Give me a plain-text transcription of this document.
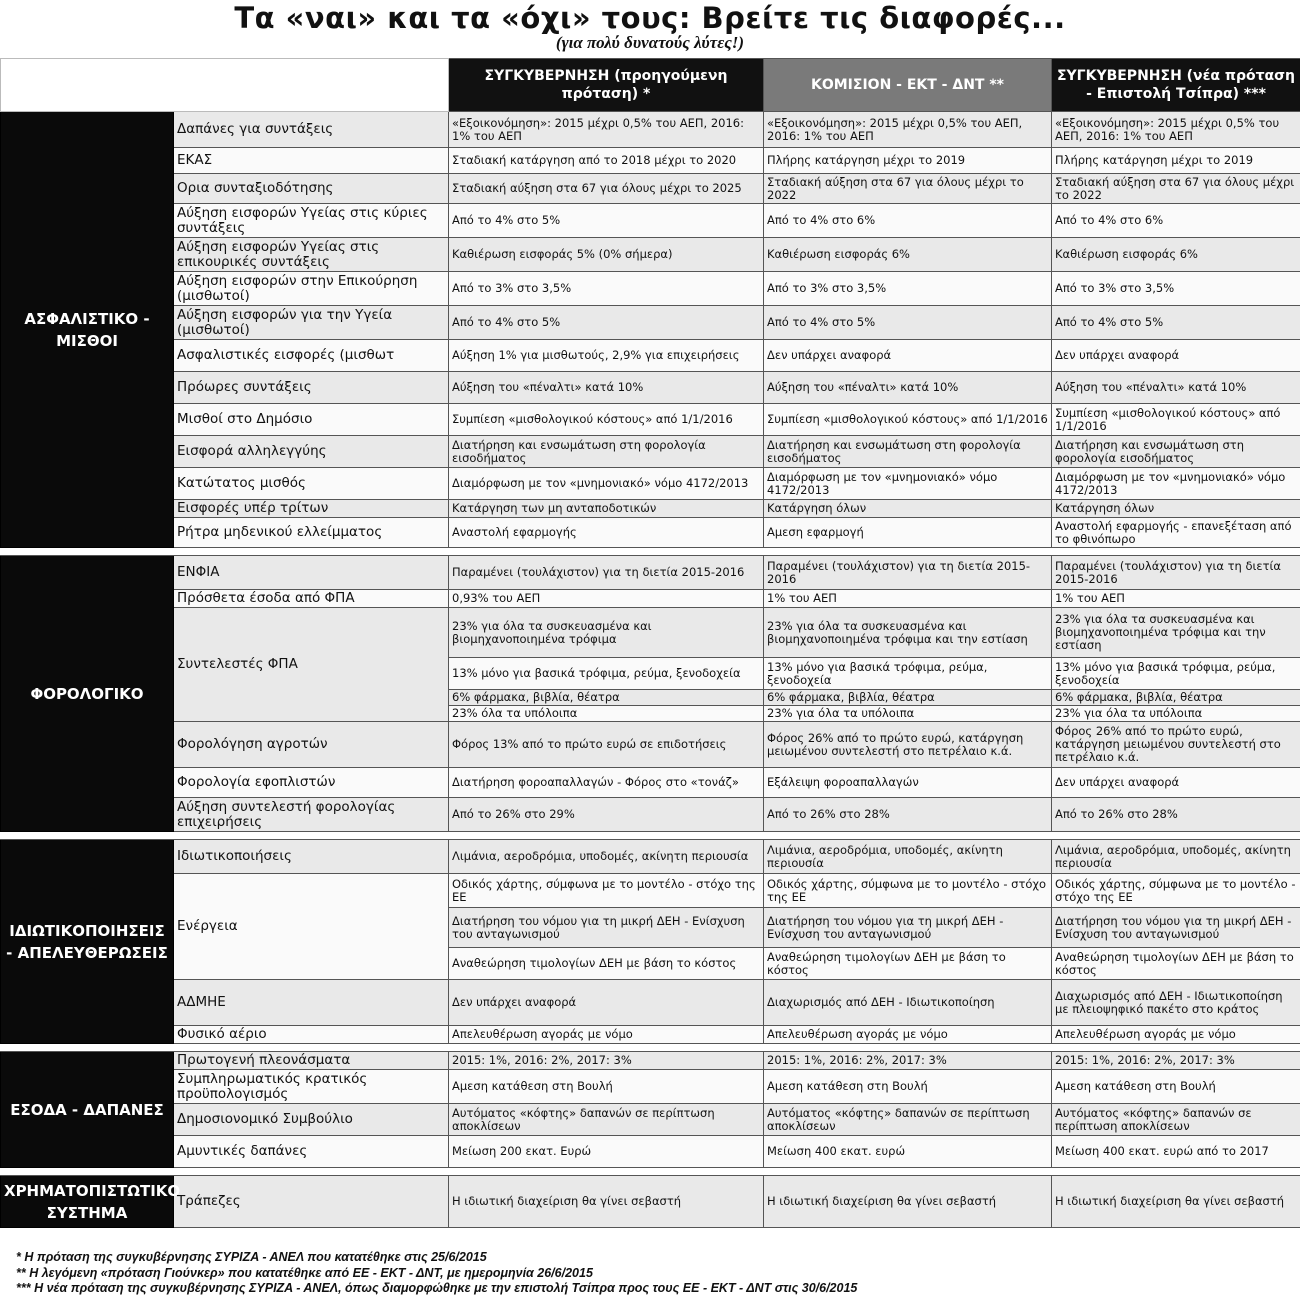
Τα «ναι» και τα «όχι» τους: Βρείτε τις διαφορές...
(για πολύ δυνατούς λύτες!)
		ΣΥΓΚΥΒΕΡΝΗΣΗ (προηγούμενη πρόταση) *	ΚΟΜΙΣΙΟΝ - ΕΚΤ - ΔΝΤ **	ΣΥΓΚΥΒΕΡΝΗΣΗ (νέα πρόταση - Επιστολή Τσίπρα) ***
ΑΣΦΑΛΙΣΤΙΚΟ - ΜΙΣΘΟΙ	Δαπάνες για συντάξεις	«Εξοικονόμηση»: 2015 μέχρι 0,5% του ΑΕΠ, 2016: 1% του ΑΕΠ	«Εξοικονόμηση»: 2015 μέχρι 0,5% του ΑΕΠ, 2016: 1% του ΑΕΠ	«Εξοικονόμηση»: 2015 μέχρι 0,5% του ΑΕΠ, 2016: 1% του ΑΕΠ
	ΕΚΑΣ	Σταδιακή κατάργηση από το 2018 μέχρι το 2020	Πλήρης κατάργηση μέχρι το 2019	Πλήρης κατάργηση μέχρι το 2019
	Ορια συνταξιοδότησης	Σταδιακή αύξηση στα 67 για όλους μέχρι το 2025	Σταδιακή αύξηση στα 67 για όλους μέχρι το 2022	Σταδιακή αύξηση στα 67 για όλους μέχρι το 2022
	Αύξηση εισφορών Υγείας στις κύριες συντάξεις	Από το 4% στο 5%	Από το 4% στο 6%	Από το 4% στο 6%
	Αύξηση εισφορών Υγείας στις επικουρικές συντάξεις	Καθιέρωση εισφοράς 5% (0% σήμερα)	Καθιέρωση εισφοράς 6%	Καθιέρωση εισφοράς 6%
	Αύξηση εισφορών στην Επικούρηση (μισθωτοί)	Από το 3% στο 3,5%	Από το 3% στο 3,5%	Από το 3% στο 3,5%
	Αύξηση εισφορών για την Υγεία (μισθωτοί)	Από το 4% στο 5%	Από το 4% στο 5%	Από το 4% στο 5%
	Ασφαλιστικές εισφορές (μισθωτ	Αύξηση 1% για μισθωτούς, 2,9% για επιχειρήσεις	Δεν υπάρχει αναφορά	Δεν υπάρχει αναφορά
	Πρόωρες συντάξεις	Αύξηση του «πέναλτι» κατά 10%	Αύξηση του «πέναλτι» κατά 10%	Αύξηση του «πέναλτι» κατά 10%
	Μισθοί στο Δημόσιο	Συμπίεση «μισθολογικού κόστους» από 1/1/2016	Συμπίεση «μισθολογικού κόστους» από 1/1/2016	Συμπίεση «μισθολογικού κόστους» από 1/1/2016
	Εισφορά αλληλεγγύης	Διατήρηση και ενσωμάτωση στη φορολογία εισοδήματος	Διατήρηση και ενσωμάτωση στη φορολογία εισοδήματος	Διατήρηση και ενσωμάτωση στη φορολογία εισοδήματος
	Κατώτατος μισθός	Διαμόρφωση με τον «μνημονιακό» νόμο 4172/2013	Διαμόρφωση με τον «μνημονιακό» νόμο 4172/2013	Διαμόρφωση με τον «μνημονιακό» νόμο 4172/2013
	Εισφορές υπέρ τρίτων	Κατάργηση των μη ανταποδοτικών	Κατάργηση όλων	Κατάργηση όλων
	Ρήτρα μηδενικού ελλείμματος	Αναστολή εφαρμογής	Αμεση εφαρμογή	Αναστολή εφαρμογής - επανεξέταση από το φθινόπωρο

ΦΟΡΟΛΟΓΙΚΟ	ΕΝΦΙΑ	Παραμένει (τουλάχιστον) για τη διετία 2015-2016	Παραμένει (τουλάχιστον) για τη διετία 2015-2016	Παραμένει (τουλάχιστον) για τη διετία 2015-2016
	Πρόσθετα έσοδα από ΦΠΑ	0,93% του ΑΕΠ	1% του ΑΕΠ	1% του ΑΕΠ
	Συντελεστές ΦΠΑ	23% για όλα τα συσκευασμένα και βιομηχανοποιημένα τρόφιμα	23% για όλα τα συσκευασμένα και βιομηχανοποιημένα τρόφιμα και την εστίαση	23% για όλα τα συσκευασμένα και βιομηχανοποιημένα τρόφιμα και την εστίαση
		13% μόνο για βασικά τρόφιμα, ρεύμα, ξενοδοχεία	13% μόνο για βασικά τρόφιμα, ρεύμα, ξενοδοχεία	13% μόνο για βασικά τρόφιμα, ρεύμα, ξενοδοχεία
		6% φάρμακα, βιβλία, θέατρα	6% φάρμακα, βιβλία, θέατρα	6% φάρμακα, βιβλία, θέατρα
		23% όλα τα υπόλοιπα	23% για όλα τα υπόλοιπα	23% για όλα τα υπόλοιπα
	Φορολόγηση αγροτών	Φόρος 13% από το πρώτο ευρώ σε επιδοτήσεις	Φόρος 26% από το πρώτο ευρώ, κατάργηση μειωμένου συντελεστή στο πετρέλαιο κ.ά.	Φόρος 26% από το πρώτο ευρώ, κατάργηση μειωμένου συντελεστή στο πετρέλαιο κ.ά.
	Φορολογία εφοπλιστών	Διατήρηση φοροαπαλλαγών - Φόρος στο «τονάζ»	Εξάλειψη φοροαπαλλαγών	Δεν υπάρχει αναφορά
	Αύξηση συντελεστή φορολογίας επιχειρήσεις	Από το 26% στο 29%	Από το 26% στο 28%	Από το 26% στο 28%

ΙΔΙΩΤΙΚΟΠΟΙΗΣΕΙΣ - ΑΠΕΛΕΥΘΕΡΩΣΕΙΣ	Ιδιωτικοποιήσεις	Λιμάνια, αεροδρόμια, υποδομές, ακίνητη περιουσία	Λιμάνια, αεροδρόμια, υποδομές, ακίνητη περιουσία	Λιμάνια, αεροδρόμια, υποδομές, ακίνητη περιουσία
	Ενέργεια	Οδικός χάρτης, σύμφωνα με το μοντέλο - στόχο της ΕΕ	Οδικός χάρτης, σύμφωνα με το μοντέλο - στόχο της ΕΕ	Οδικός χάρτης, σύμφωνα με το μοντέλο - στόχο της ΕΕ
		Διατήρηση του νόμου για τη μικρή ΔΕΗ - Ενίσχυση του ανταγωνισμού	Διατήρηση του νόμου για τη μικρή ΔΕΗ - Ενίσχυση του ανταγωνισμού	Διατήρηση του νόμου για τη μικρή ΔΕΗ - Ενίσχυση του ανταγωνισμού
		Αναθεώρηση τιμολογίων ΔΕΗ με βάση το κόστος	Αναθεώρηση τιμολογίων ΔΕΗ με βάση το κόστος	Αναθεώρηση τιμολογίων ΔΕΗ με βάση το κόστος
	ΑΔΜΗΕ	Δεν υπάρχει αναφορά	Διαχωρισμός από ΔΕΗ - Ιδιωτικοποίηση	Διαχωρισμός από ΔΕΗ - Ιδιωτικοποίηση με πλειοψηφικό πακέτο στο κράτος
	Φυσικό αέριο	Απελευθέρωση αγοράς με νόμο	Απελευθέρωση αγοράς με νόμο	Απελευθέρωση αγοράς με νόμο

ΕΣΟΔΑ - ΔΑΠΑΝΕΣ	Πρωτογενή πλεονάσματα	2015: 1%, 2016: 2%, 2017: 3%	2015: 1%, 2016: 2%, 2017: 3%	2015: 1%, 2016: 2%, 2017: 3%
	Συμπληρωματικός κρατικός προϋπολογισμός	Αμεση κατάθεση στη Βουλή	Αμεση κατάθεση στη Βουλή	Αμεση κατάθεση στη Βουλή
	Δημοσιονομικό Συμβούλιο	Αυτόματος «κόφτης» δαπανών σε περίπτωση αποκλίσεων	Αυτόματος «κόφτης» δαπανών σε περίπτωση αποκλίσεων	Αυτόματος «κόφτης» δαπανών σε περίπτωση αποκλίσεων
	Αμυντικές δαπάνες	Μείωση 200 εκατ. Ευρώ	Μείωση 400 εκατ. ευρώ	Μείωση 400 εκατ. ευρώ από το 2017

ΧΡΗΜΑΤΟΠΙΣΤΩΤΙΚΟ ΣΥΣΤΗΜΑ	Τράπεζες	Η ιδιωτική διαχείριση θα γίνει σεβαστή	Η ιδιωτική διαχείριση θα γίνει σεβαστή	Η ιδιωτική διαχείριση θα γίνει σεβαστή
* Η πρόταση της συγκυβέρνησης ΣΥΡΙΖΑ - ΑΝΕΛ που κατατέθηκε στις 25/6/2015
** Η λεγόμενη «πρόταση Γιούνκερ» που κατατέθηκε από ΕΕ - ΕΚΤ - ΔΝΤ, με ημερομηνία 26/6/2015
*** Η νέα πρόταση της συγκυβέρνησης ΣΥΡΙΖΑ - ΑΝΕΛ, όπως διαμορφώθηκε με την επιστολή Τσίπρα προς τους ΕΕ - ΕΚΤ - ΔΝΤ στις 30/6/2015
